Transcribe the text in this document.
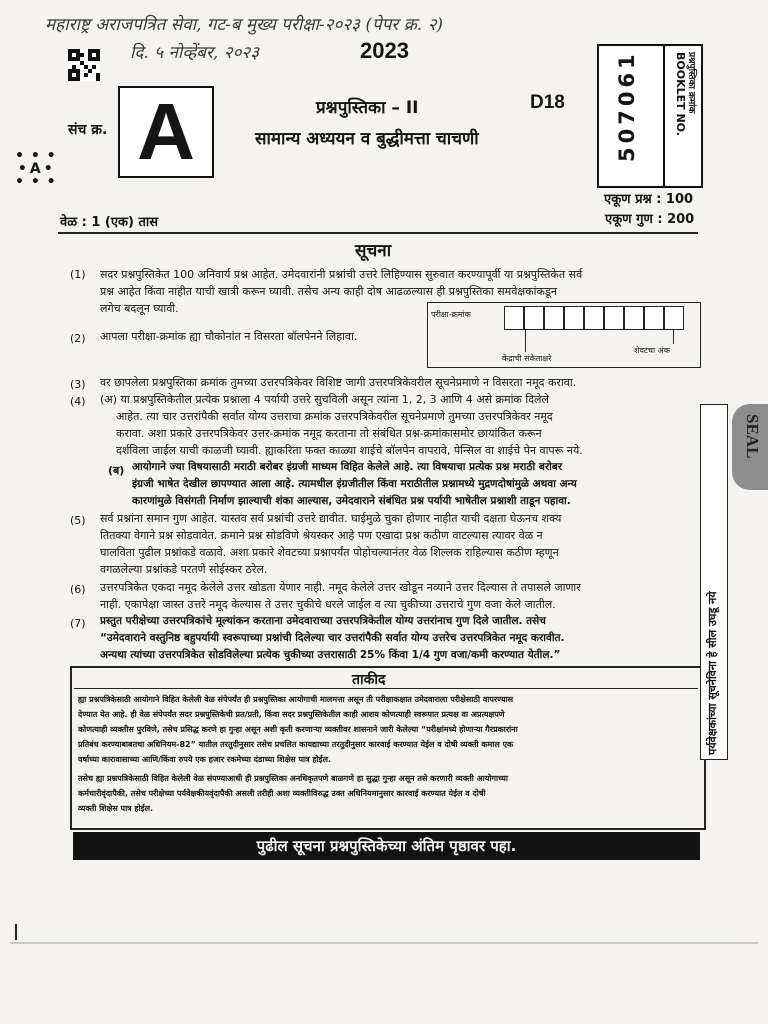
महाराष्ट्र अराजपत्रित सेवा, गट-ब मुख्य परीक्षा-२०२३ (पेपर क्र. २)
दि. ५ नोव्हेंबर, २०२३	2023
संच क्र. A
• • •
• A •
• • •
प्रश्नपुस्तिका – II	D18
सामान्य अध्ययन व बुद्धीमत्ता चाचणी	507061	प्रश्नपुस्तिका क्रमांक
BOOKLET NO.
एकूण प्रश्न : 100
एकूण गुण : 200
वेळ : 1 (एक) तास
सूचना
(1) सदर प्रश्नपुस्तिकेत 100 अनिवार्य प्रश्न आहेत. उमेदवारांनी प्रश्नांची उत्तरे लिहिण्यास सुरुवात करण्यापूर्वी या प्रश्नपुस्तिकेत सर्व
प्रश्न आहेत किंवा नाहीत याची खात्री करून घ्यावी. तसेच अन्य काही दोष आढळल्यास ही प्रश्नपुस्तिका समवेक्षकांकडून
लगेच बदलून घ्यावी.
(2) आपला परीक्षा-क्रमांक ह्या चौकोनांत न विसरता बॉलपेनने लिहावा.
परीक्षा-क्रमांक
केंद्राची संकेताक्षरे
शेवटचा अंक
(3) वर छापलेला प्रश्नपुस्तिका क्रमांक तुमच्या उत्तरपत्रिकेवर विशिष्ट जागी उत्तरपत्रिकेवरील सूचनेप्रमाणे न विसरता नमूद करावा.
(4) (अ) या प्रश्नपुस्तिकेतील प्रत्येक प्रश्नाला 4 पर्यायी उत्तरे सुचविली असून त्यांना 1, 2, 3 आणि 4 असे क्रमांक दिलेले
आहेत. त्या चार उत्तरांपैकी सर्वात योग्य उत्तराचा क्रमांक उत्तरपत्रिकेवरील सूचनेप्रमाणे तुमच्या उत्तरपत्रिकेवर नमूद
करावा. अशा प्रकारे उत्तरपत्रिकेवर उत्तर-क्रमांक नमूद करताना तो संबंधित प्रश्न-क्रमांकासमोर छायांकित करून
दर्शविला जाईल याची काळजी घ्यावी. ह्याकरिता फक्त काळ्या शाईचे बॉलपेन वापरावे, पेन्सिल वा शाईचे पेन वापरू नये.
(ब) आयोगाने ज्या विषयासाठी मराठी बरोबर इंग्रजी माध्यम विहित केलेले आहे. त्या विषयाचा प्रत्येक प्रश्न मराठी बरोबर
इंग्रजी भाषेत देखील छापण्यात आला आहे. त्यामधील इंग्रजीतील किंवा मराठीतील प्रश्नामध्ये मुद्रणदोषांमुळे अथवा अन्य
कारणांमुळे विसंगती निर्माण झाल्याची शंका आल्यास, उमेदवाराने संबंधित प्रश्न पर्यायी भाषेतील प्रश्नाशी ताडून पहावा.
(5) सर्व प्रश्नांना समान गुण आहेत. यास्तव सर्व प्रश्नांची उत्तरे द्यावीत. घाईमुळे चुका होणार नाहीत याची दक्षता घेऊनच शक्य
तितक्या वेगाने प्रश्न सोडवावेत. क्रमाने प्रश्न सोडविणे श्रेयस्कर आहे पण एखादा प्रश्न कठीण वाटल्यास त्यावर वेळ न
घालविता पुढील प्रश्नांकडे वळावे. अशा प्रकारे शेवटच्या प्रश्नापर्यंत पोहोचल्यानंतर वेळ शिल्लक राहिल्यास कठीण म्हणून
वगळलेल्या प्रश्नांकडे परतणे सोईस्कर ठरेल.
(6) उत्तरपत्रिकेत एकदा नमूद केलेले उत्तर खोडता येणार नाही. नमूद केलेले उत्तर खोडून नव्याने उत्तर दिल्यास ते तपासले जाणार
नाही. एकापेक्षा जास्त उत्तरे नमूद केल्यास ते उत्तर चुकीचे धरले जाईल व त्या चुकीच्या उत्तराचे गुण वजा केले जातील.
(7) प्रस्तुत परीक्षेच्या उत्तरपत्रिकांचे मूल्यांकन करताना उमेदवाराच्या उत्तरपत्रिकेतील योग्य उत्तरांनाच गुण दिले जातील. तसेच
“उमेदवाराने वस्तुनिष्ठ बहुपर्यायी स्वरूपाच्या प्रश्नांची दिलेल्या चार उत्तरांपैकी सर्वात योग्य उत्तरेच उत्तरपत्रिकेत नमूद करावीत.
अन्यथा त्यांच्या उत्तरपत्रिकेत सोडविलेल्या प्रत्येक चुकीच्या उत्तरासाठी 25% किंवा 1/4 गुण वजा/कमी करण्यात येतील.”
ताकीद
ह्या प्रश्नपत्रिकेसाठी आयोगाने विहित केलेली वेळ संपेपर्यंत ही प्रश्नपुस्तिका आयोगाची मालमत्ता असून ती परीक्षाकक्षात उमेदवाराला परीक्षेसाठी वापरण्यास
देण्यात येत आहे. ही वेळ संपेपर्यंत सदर प्रश्नपुस्तिकेची प्रत/प्रती, किंवा सदर प्रश्नपुस्तिकेतील काही आशय कोणत्याही स्वरूपात प्रत्यक्ष वा अप्रत्यक्षपणे
कोणत्याही व्यक्तीस पुरविणे, तसेच प्रसिद्ध करणे हा गुन्हा असून अशी कृती करणाऱ्या व्यक्तीवर शासनाने जारी केलेल्या “परीक्षांमध्ये होणाऱ्या गैरप्रकारांना
प्रतिबंध करण्याबाबतचा अधिनियम-82” यातील तरतुदीनुसार तसेच प्रचलित कायद्याच्या तरतुदीनुसार कारवाई करण्यात येईल व दोषी व्यक्ती कमाल एक
वर्षाच्या कारावासाच्या आणि/किंवा रुपये एक हजार रकमेच्या दंडाच्या शिक्षेस पात्र होईल.
तसेच ह्या प्रश्नपत्रिकेसाठी विहित केलेली वेळ संपण्याआधी ही प्रश्नपुस्तिका अनधिकृतपणे बाळगणे हा सुद्धा गुन्हा असून तसे करणारी व्यक्ती आयोगाच्या
कर्मचारीवृंदापैकी, तसेच परीक्षेच्या पर्यवेक्षकीयवृंदापैकी असली तरीही अशा व्यक्तीविरुद्ध उक्त अधिनियमानुसार कारवाई करण्यात येईल व दोषी
व्यक्ती शिक्षेस पात्र होईल.
पुढील सूचना प्रश्नपुस्तिकेच्या अंतिम पृष्ठावर पहा.
पर्यवेक्षकांच्या सूचनेविना हे सील उघडू नये
SEAL
